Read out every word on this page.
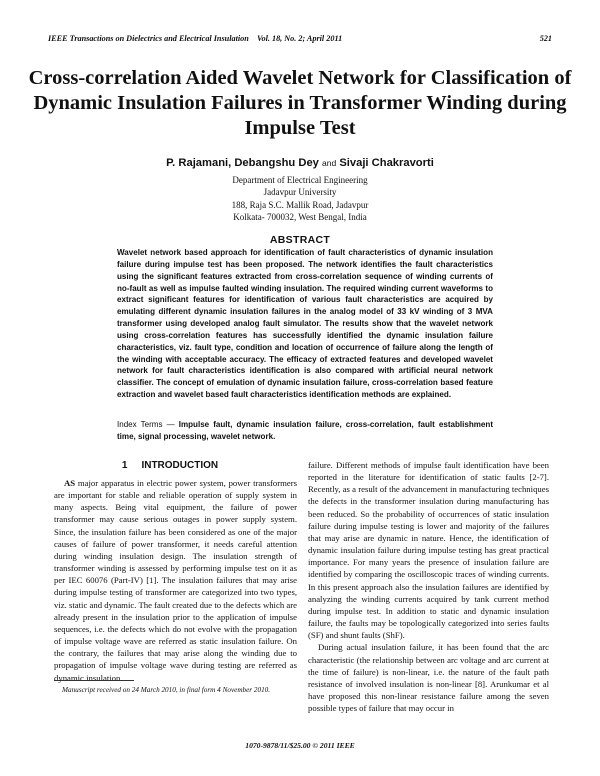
IEEE Transactions on Dielectrics and Electrical Insulation    Vol. 18, No. 2; April 2011	521
Cross-correlation Aided Wavelet Network for Classification of Dynamic Insulation Failures in Transformer Winding during Impulse Test
P. Rajamani, Debangshu Dey and Sivaji Chakravorti
Department of Electrical Engineering
Jadavpur University
188, Raja S.C. Mallik Road, Jadavpur
Kolkata- 700032, West Bengal, India
ABSTRACT
Wavelet network based approach for identification of fault characteristics of dynamic insulation failure during impulse test has been proposed. The network identifies the fault characteristics using the significant features extracted from cross-correlation sequence of winding currents of no-fault as well as impulse faulted winding insulation. The required winding current waveforms to extract significant features for identification of various fault characteristics are acquired by emulating different dynamic insulation failures in the analog model of 33 kV winding of 3 MVA transformer using developed analog fault simulator. The results show that the wavelet network using cross-correlation features has successfully identified the dynamic insulation failure characteristics, viz. fault type, condition and location of occurrence of failure along the length of the winding with acceptable accuracy. The efficacy of extracted features and developed wavelet network for fault characteristics identification is also compared with artificial neural network classifier. The concept of emulation of dynamic insulation failure, cross-correlation based feature extraction and wavelet based fault characteristics identification methods are explained.
Index Terms — Impulse fault, dynamic insulation failure, cross-correlation, fault establishment time, signal processing, wavelet network.
1 INTRODUCTION

AS major apparatus in electric power system, power transformers are important for stable and reliable operation of supply system in many aspects. Being vital equipment, the failure of power transformer may cause serious outages in power supply system. Since, the insulation failure has been considered as one of the major causes of failure of power transformer, it needs careful attention during winding insulation design. The insulation strength of transformer winding is assessed by performing impulse test on it as per IEC 60076 (Part-IV) [1]. The insulation failures that may arise during impulse testing of transformer are categorized into two types, viz. static and dynamic. The fault created due to the defects which are already present in the insulation prior to the application of impulse sequences, i.e. the defects which do not evolve with the propagation of impulse voltage wave are referred as static insulation failure. On the contrary, the failures that may arise along the winding due to propagation of impulse voltage wave during testing are referred as dynamic insulation

failure. Different methods of impulse fault identification have been reported in the literature for identification of static faults [2-7]. Recently, as a result of the advancement in manufacturing techniques the defects in the transformer insulation during manufacturing has been reduced. So the probability of occurrences of static insulation failure during impulse testing is lower and majority of the failures that may arise are dynamic in nature. Hence, the identification of dynamic insulation failure during impulse testing has great practical importance. For many years the presence of insulation failure are identified by comparing the oscilloscopic traces of winding currents. In this present approach also the insulation failures are identified by analyzing the winding currents acquired by tank current method during impulse test. In addition to static and dynamic insulation failure, the faults may be topologically categorized into series faults (SF) and shunt faults (ShF).

During actual insulation failure, it has been found that the arc characteristic (the relationship between arc voltage and arc current at the time of failure) is non-linear, i.e. the nature of the fault path resistance of involved insulation is non-linear [8]. Arunkumar et al have proposed this non-linear resistance failure among the seven possible types of failure that may occur in

Manuscript received on 24 March 2010, in final form 4 November 2010.
1070-9878/11/$25.00 © 2011 IEEE
